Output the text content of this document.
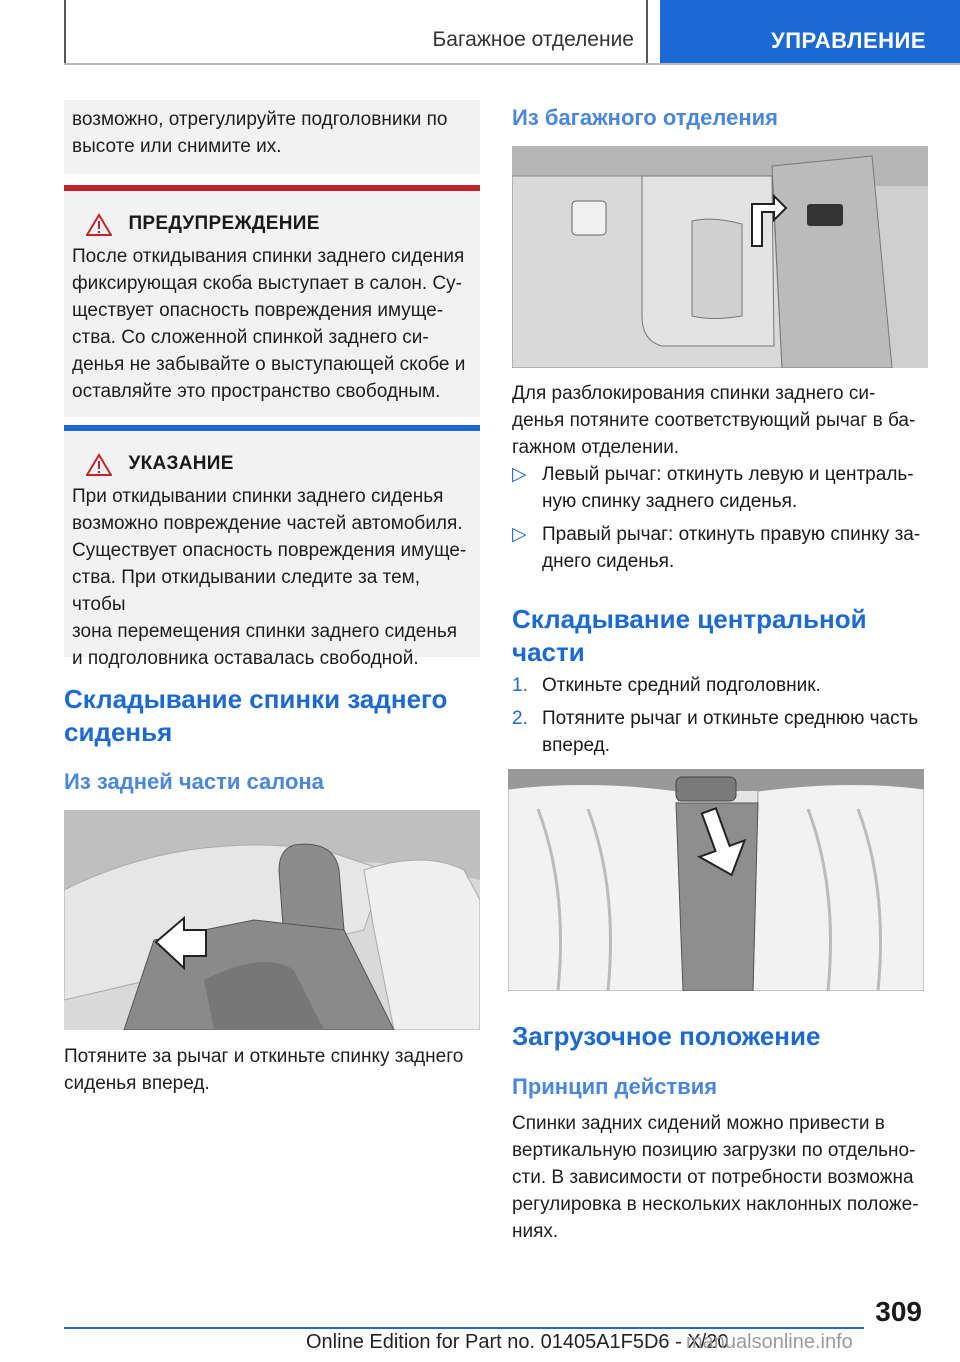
Багажное отделение	УПРАВЛЕНИЕ

возможно, отрегулируйте подголовники по высоте или снимите их.

ПРЕДУПРЕЖДЕНИЕ
После откидывания спинки заднего сидения
фиксирующая скоба выступает в салон. Су-
ществует опасность повреждения имуще-
ства. Со сложенной спинкой заднего си-
денья не забывайте о выступающей скобе и
оставляйте это пространство свободным.
УКАЗАНИЕ
При откидывании спинки заднего сиденья
возможно повреждение частей автомобиля.
Существует опасность повреждения имуще-
ства. При откидывании следите за тем, чтобы
зона перемещения спинки заднего сиденья
и подголовника оставалась свободной.
Складывание спинки заднего
сиденья
Из задней части салона
Потяните за рычаг и откиньте спинку заднего
сиденья вперед.
Из багажного отделения
Для разблокирования спинки заднего си-
денья потяните соответствующий рычаг в ба-
гажном отделении.
▷ Левый рычаг: откинуть левую и централь-
ную спинку заднего сиденья.
▷ Правый рычаг: откинуть правую спинку за-
днего сиденья.
Складывание центральной
части
1. Откиньте средний подголовник.
2. Потяните рычаг и откиньте среднюю часть
вперед.
Загрузочное положение
Принцип действия
Спинки задних сидений можно привести в
вертикальную позицию загрузки по отдельно-
сти. В зависимости от потребности возможна
регулировка в нескольких наклонных положе-
ниях.
309
Online Edition for Part no. 01405A1F5D6 - X/20
manualsonline.info
